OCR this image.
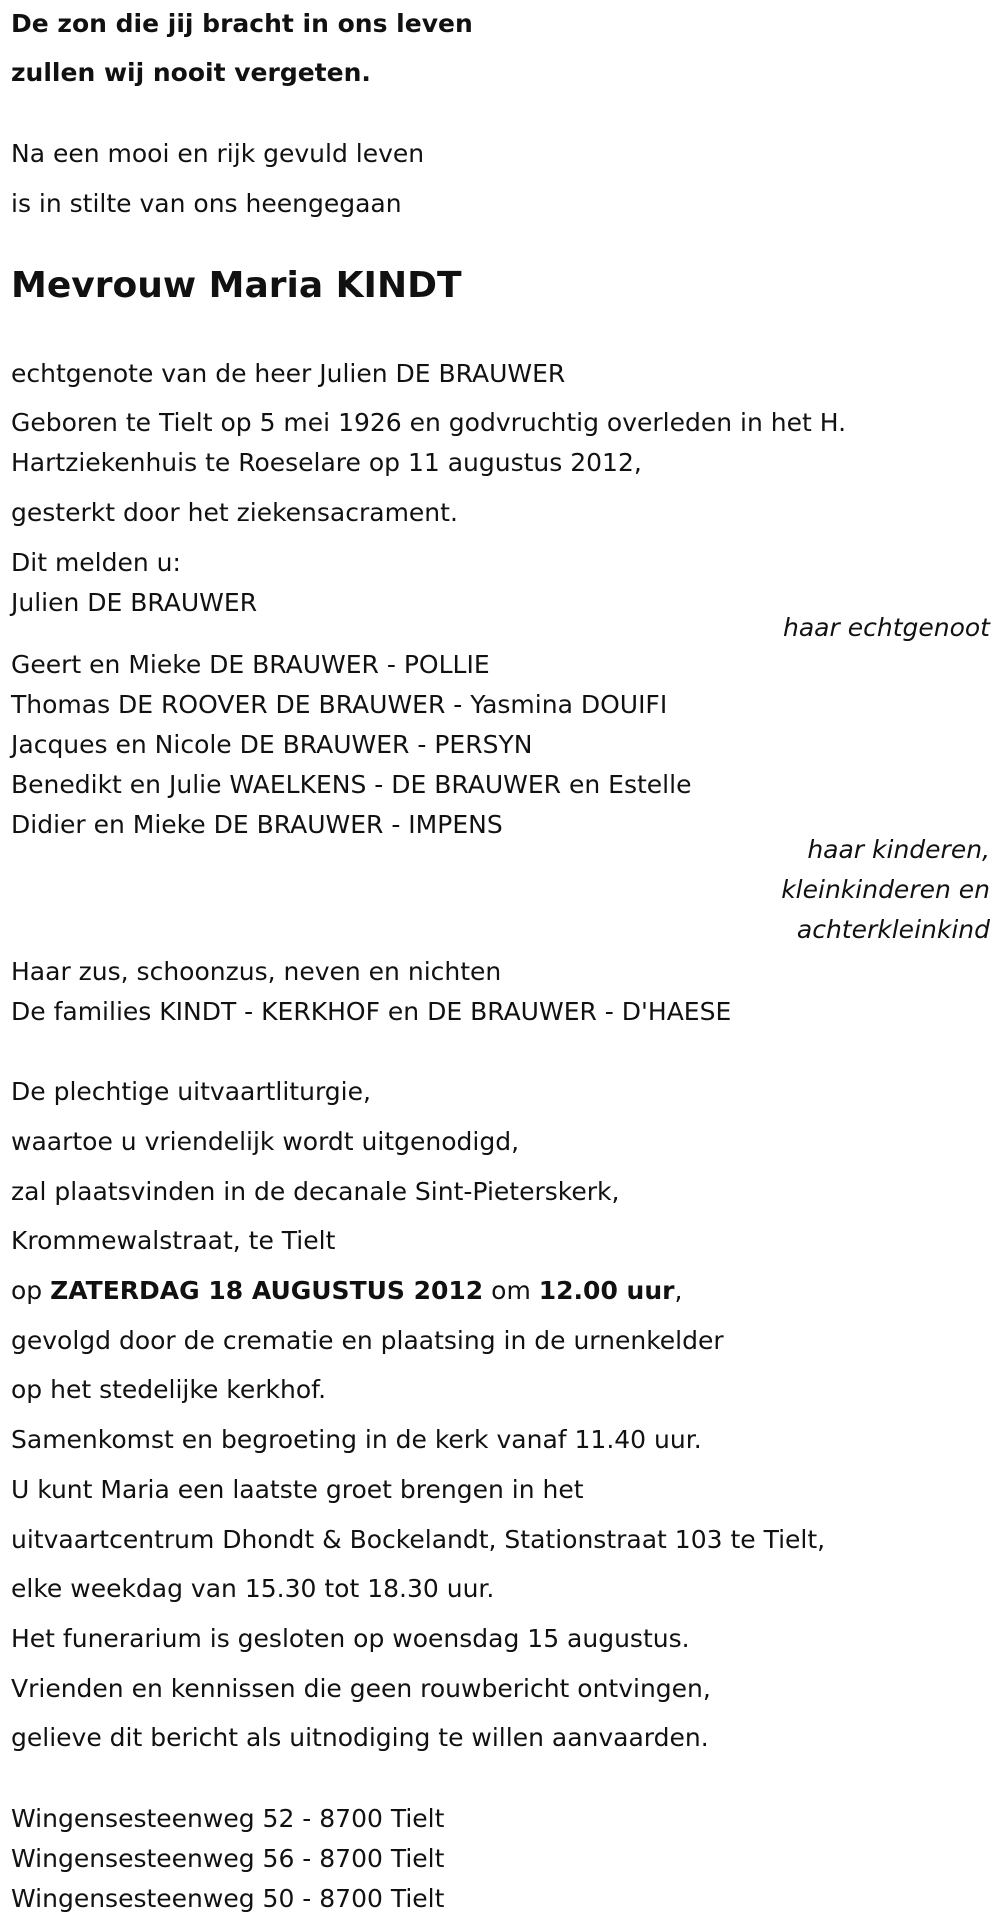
De zon die jij bracht in ons leven
zullen wij nooit vergeten.
Na een mooi en rijk gevuld leven
is in stilte van ons heengegaan
Mevrouw Maria KINDT
echtgenote van de heer Julien DE BRAUWER
Geboren te Tielt op 5 mei 1926 en godvruchtig overleden in het H.
Hartziekenhuis te Roeselare op 11 augustus 2012,
gesterkt door het ziekensacrament.
Dit melden u:
Julien DE BRAUWER
haar echtgenoot
Geert en Mieke DE BRAUWER - POLLIE
Thomas DE ROOVER DE BRAUWER - Yasmina DOUIFI
Jacques en Nicole DE BRAUWER - PERSYN
Benedikt en Julie WAELKENS - DE BRAUWER en Estelle
Didier en Mieke DE BRAUWER - IMPENS
haar kinderen,
kleinkinderen en
achterkleinkind
Haar zus, schoonzus, neven en nichten
De families KINDT - KERKHOF en DE BRAUWER - D'HAESE
De plechtige uitvaartliturgie,
waartoe u vriendelijk wordt uitgenodigd,
zal plaatsvinden in de decanale Sint-Pieterskerk,
Krommewalstraat, te Tielt
op ZATERDAG 18 AUGUSTUS 2012 om 12.00 uur,
gevolgd door de crematie en plaatsing in de urnenkelder
op het stedelijke kerkhof.
Samenkomst en begroeting in de kerk vanaf 11.40 uur.
U kunt Maria een laatste groet brengen in het
uitvaartcentrum Dhondt & Bockelandt, Stationstraat 103 te Tielt,
elke weekdag van 15.30 tot 18.30 uur.
Het funerarium is gesloten op woensdag 15 augustus.
Vrienden en kennissen die geen rouwbericht ontvingen,
gelieve dit bericht als uitnodiging te willen aanvaarden.
Wingensesteenweg 52 - 8700 Tielt
Wingensesteenweg 56 - 8700 Tielt
Wingensesteenweg 50 - 8700 Tielt
